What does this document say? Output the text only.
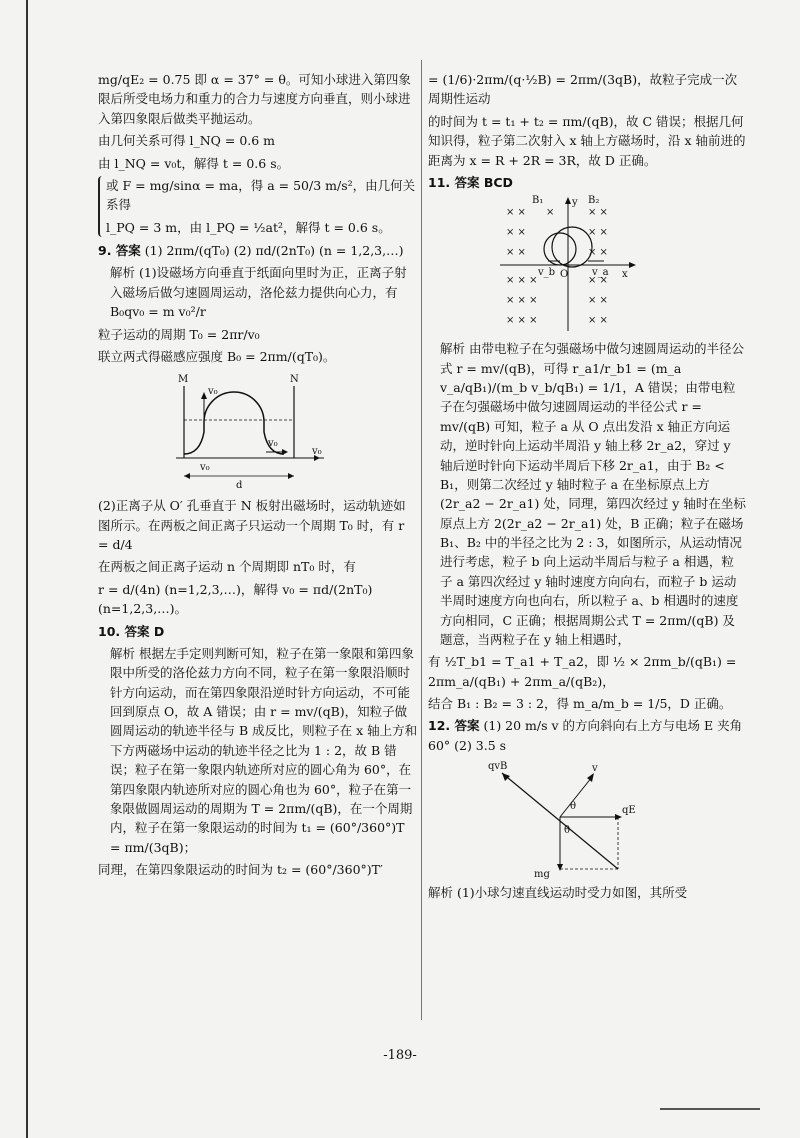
mg/qE₂ = 0.75 即 α = 37° = θ。可知小球进入第四象限后所受电场力和重力的合力与速度方向垂直，则小球进入第四象限后做类平抛运动。

由几何关系可得 l_NQ = 0.6 m

由 l_NQ = v₀t，解得 t = 0.6 s。

或 F = mg/sinα = ma，得 a = 50/3 m/s²，由几何关系得

l_PQ = 3 m，由 l_PQ = ½at²，解得 t = 0.6 s。

9. 答案 (1) 2πm/(qT₀) (2) πd/(2nT₀) (n = 1,2,3,…)

解析 (1)设磁场方向垂直于纸面向里时为正，正离子射入磁场后做匀速圆周运动，洛伦兹力提供向心力，有 B₀qv₀ = m v₀²/r

粒子运动的周期 T₀ = 2πr/v₀

联立两式得磁感应强度 B₀ = 2πm/(qT₀)。

M	N
v₀
v₀
v₀
v₀
d

(2)正离子从 O′ 孔垂直于 N 板射出磁场时，运动轨迹如图所示。在两板之间正离子只运动一个周期 T₀ 时，有 r = d/4

在两板之间正离子运动 n 个周期即 nT₀ 时，有

r = d/(4n) (n=1,2,3,…)，解得 v₀ = πd/(2nT₀) (n=1,2,3,…)。

10. 答案 D

解析 根据左手定则判断可知，粒子在第一象限和第四象限中所受的洛伦兹力方向不同，粒子在第一象限沿顺时针方向运动，而在第四象限沿逆时针方向运动，不可能回到原点 O，故 A 错误；由 r = mv/(qB)，知粒子做圆周运动的轨迹半径与 B 成反比，则粒子在 x 轴上方和下方两磁场中运动的轨迹半径之比为 1 : 2，故 B 错误；粒子在第一象限内轨迹所对应的圆心角为 60°，在第四象限内轨迹所对应的圆心角也为 60°，粒子在第一象限做圆周运动的周期为 T = 2πm/(qB)，在一个周期内，粒子在第一象限运动的时间为 t₁ = (60°/360°)T = πm/(3qB)；

同理，在第四象限运动的时间为 t₂ = (60°/360°)T′

= (1/6)·2πm/(q·½B) = 2πm/(3qB)，故粒子完成一次周期性运动

的时间为 t = t₁ + t₂ = πm/(qB)，故 C 错误；根据几何知识得，粒子第二次射入 x 轴上方磁场时，沿 x 轴前进的距离为 x = R + 2R = 3R，故 D 正确。

11. 答案 BCD

× × ×	× ×
× ×	× ×
× ×	× ×
× × ×	× ×
× × ×	× ×
× × ×	× ×
B₁	B₂
y
x
O
v_b	v_a

解析 由带电粒子在匀强磁场中做匀速圆周运动的半径公式 r = mv/(qB)，可得 r_a1/r_b1 = (m_a v_a/qB₁)/(m_b v_b/qB₁) = 1/1，A 错误；由带电粒子在匀强磁场中做匀速圆周运动的半径公式 r = mv/(qB) 可知，粒子 a 从 O 点出发沿 x 轴正方向运动，逆时针向上运动半周沿 y 轴上移 2r_a2，穿过 y 轴后逆时针向下运动半周后下移 2r_a1，由于 B₂ < B₁，则第二次经过 y 轴时粒子 a 在坐标原点上方 (2r_a2 − 2r_a1) 处，同理，第四次经过 y 轴时在坐标原点上方 2(2r_a2 − 2r_a1) 处，B 正确；粒子在磁场 B₁、B₂ 中的半径之比为 2 : 3，如图所示，从运动情况进行考虑，粒子 b 向上运动半周后与粒子 a 相遇，粒子 a 第四次经过 y 轴时速度方向向右，而粒子 b 运动半周时速度方向也向右，所以粒子 a、b 相遇时的速度方向相同，C 正确；根据周期公式 T = 2πm/(qB) 及题意，当两粒子在 y 轴上相遇时，

有 ½T_b1 = T_a1 + T_a2，即 ½ × 2πm_b/(qB₁) = 2πm_a/(qB₁) + 2πm_a/(qB₂)，

结合 B₁ : B₂ = 3 : 2，得 m_a/m_b = 1/5，D 正确。

12. 答案 (1) 20 m/s v 的方向斜向右上方与电场 E 夹角 60° (2) 3.5 s

qvB	v
θ
θ
qE
mg

解析 (1)小球匀速直线运动时受力如图，其所受

-189-
